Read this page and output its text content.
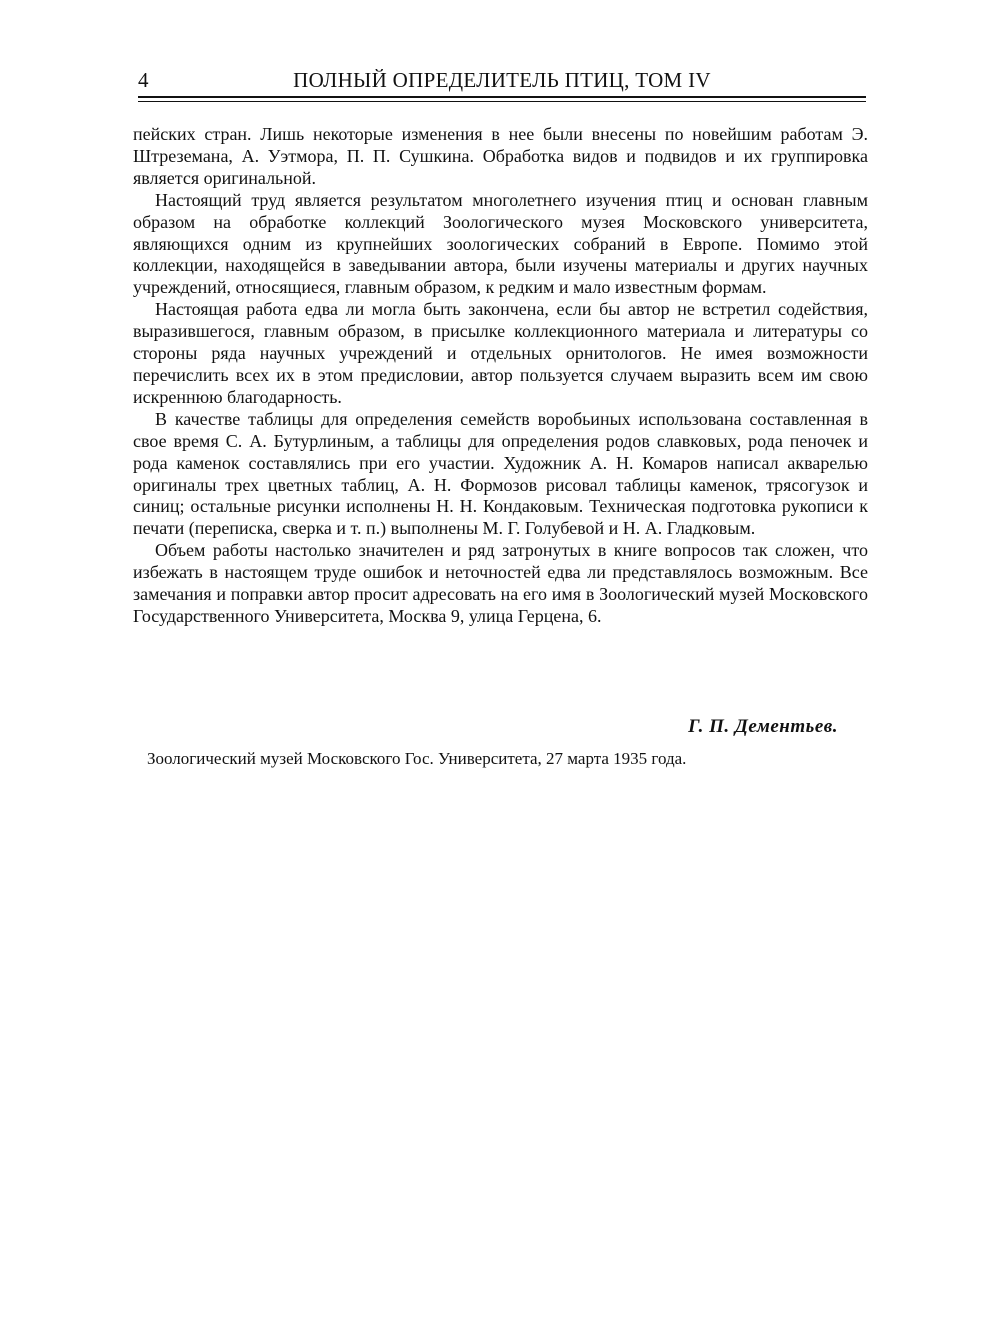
4	ПОЛНЫЙ ОПРЕДЕЛИТЕЛЬ ПТИЦ, ТОМ IV

пейских стран. Лишь некоторые изменения в нее были внесены по новейшим работам Э. Штреземана, А. Уэтмора, П. П. Сушкина. Обработка видов и подвидов и их группировка является оригинальной.

Настоящий труд является результатом многолетнего изучения птиц и основан главным образом на обработке коллекций Зоологического музея Московского университета, являющихся одним из крупнейших зоологических собраний в Европе. Помимо этой коллекции, находящейся в заведывании автора, были изучены материалы и других научных учреждений, относящиеся, главным образом, к редким и мало известным формам.

Настоящая работа едва ли могла быть закончена, если бы автор не встретил содействия, выразившегося, главным образом, в присылке коллекционного материала и литературы со стороны ряда научных учреждений и отдельных орнитологов. Не имея возможности перечислить всех их в этом предисловии, автор пользуется случаем выразить всем им свою искреннюю благодарность.

В качестве таблицы для определения семейств воробьиных использована составленная в свое время С. А. Бутурлиным, а таблицы для определения родов славковых, рода пеночек и рода каменок составлялись при его участии. Художник А. Н. Комаров написал акварелью оригиналы трех цветных таблиц, А. Н. Формозов рисовал таблицы каменок, трясогузок и синиц; остальные рисунки исполнены Н. Н. Кондаковым. Техническая подготовка рукописи к печати (переписка, сверка и т. п.) выполнены М. Г. Голубевой и Н. А. Гладковым.

Объем работы настолько значителен и ряд затронутых в книге вопросов так сложен, что избежать в настоящем труде ошибок и неточностей едва ли представлялось возможным. Все замечания и поправки автор просит адресовать на его имя в Зоологический музей Московского Государственного Университета, Москва 9, улица Герцена, 6.

Г. П. Дементьев.
Зоологический музей Московского Гос. Университета, 27 марта 1935 года.
